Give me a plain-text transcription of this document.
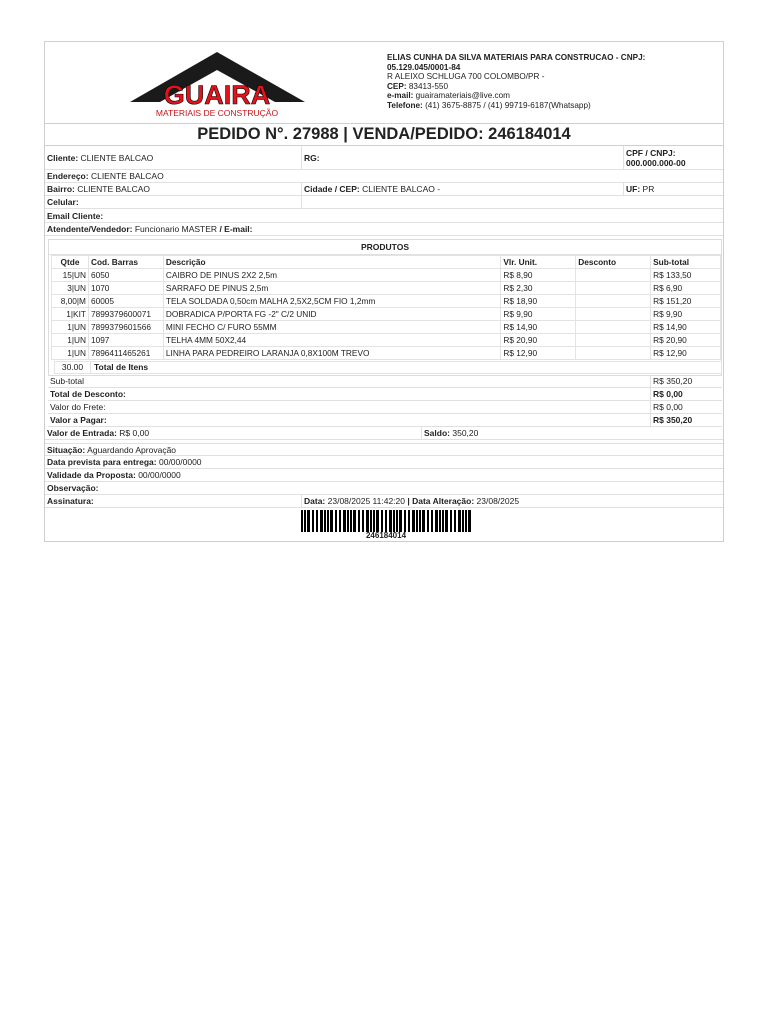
GUAIRA
MATERIAIS DE CONSTRUÇÃO
ELIAS CUNHA DA SILVA MATERIAIS PARA CONSTRUCAO - CNPJ:
05.129.045/0001-84
R ALEIXO SCHLUGA 700 COLOMBO/PR -
CEP: 83413-550
e-mail: guairamateriais@live.com
Telefone: (41) 3675-8875 / (41) 99719-6187(Whatsapp)
PEDIDO N°. 27988 | VENDA/PEDIDO: 246184014
Cliente: CLIENTE BALCAO	RG:	CPF / CNPJ:
000.000.000-00
Endereço: CLIENTE BALCAO
Bairro: CLIENTE BALCAO	Cidade / CEP: CLIENTE BALCAO -	UF: PR
Celular:
Email Cliente:
Atendente/Vendedor: Funcionario MASTER / E-mail:
PRODUTOS
Qtde	Cod. Barras	Descrição	Vlr. Unit.	Desconto	Sub-total
15|UN	6050	CAIBRO DE PINUS 2X2 2,5m	R$ 8,90		R$ 133,50
3|UN	1070	SARRAFO DE PINUS 2,5m	R$ 2,30		R$ 6,90
8,00|M	60005	TELA SOLDADA 0,50cm MALHA 2,5X2,5CM FIO 1,2mm	R$ 18,90		R$ 151,20
1|KIT	7899379600071	DOBRADICA P/PORTA FG -2" C/2 UNID	R$ 9,90		R$ 9,90
1|UN	7899379601566	MINI FECHO C/ FURO 55MM	R$ 14,90		R$ 14,90
1|UN	1097	TELHA 4MM 50X2,44	R$ 20,90		R$ 20,90
1|UN	7896411465261	LINHA PARA PEDREIRO LARANJA 0,8X100M TREVO	R$ 12,90		R$ 12,90
30.00	Total de Itens
Sub-total	R$ 350,20
Total de Desconto:	R$ 0,00
Valor do Frete:	R$ 0,00
Valor a Pagar:	R$ 350,20
Valor de Entrada: R$ 0,00	Saldo: 350,20
Situação: Aguardando Aprovação
Data prevista para entrega: 00/00/0000
Validade da Proposta: 00/00/0000
Observação:
Assinatura:	Data: 23/08/2025 11:42:20 | Data Alteração: 23/08/2025
246184014
